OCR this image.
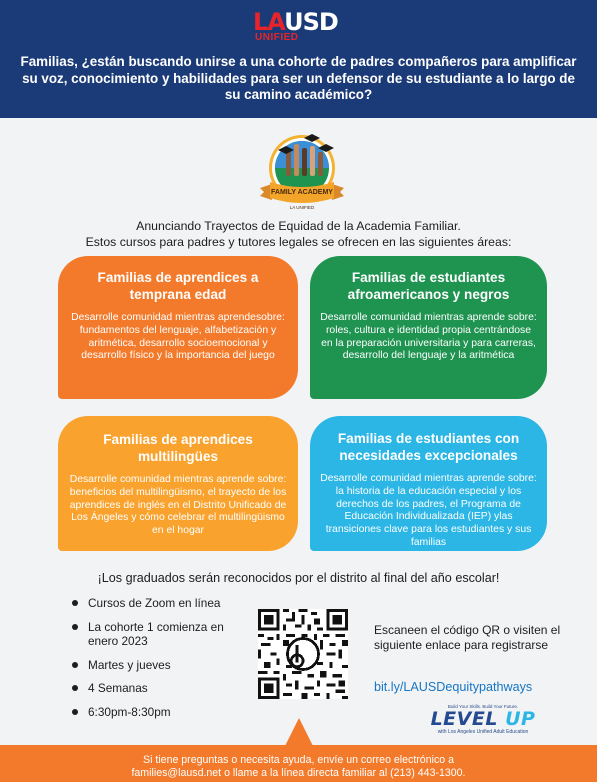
LAUSD
UNIFIED
Familias, ¿están buscando unirse a una cohorte de padres compañeros para amplificar su voz, conocimiento y habilidades para ser un defensor de su estudiante a lo largo de su camino académico?
FAMILY ACADEMY
LA UNIFIED
Anunciando Trayectos de Equidad de la Academia Familiar.
Estos cursos para padres y tutores legales se ofrecen en las siguientes áreas:
Familias de aprendices a temprana edad
Desarrolle comunidad mientras aprendesobre: fundamentos del lenguaje, alfabetización y aritmética, desarrollo socioemocional y desarrollo físico y la importancia del juego
Familias de estudiantes afroamericanos y negros
Desarrolle comunidad mientras aprende sobre: roles, cultura e identidad propia centrándose en la preparación universitaria y para carreras, desarrollo del lenguaje y la aritmética
Familias de aprendices multilingües
Desarrolle comunidad mientras aprende sobre: beneficios del multilingüismo, el trayecto de los aprendices de inglés en el Distrito Unificado de Los Ángeles y cómo celebrar el multilingüismo en el hogar
Familias de estudiantes con necesidades excepcionales
Desarrolle comunidad mientras aprende sobre: la historia de la educación especial y los derechos de los padres, el Programa de Educación Individualizada (IEP) ylas transiciones clave para los estudiantes y sus familias
¡Los graduados serán reconocidos por el distrito al final del año escolar!
Cursos de Zoom en línea
La cohorte 1 comienza en enero 2023
Martes y jueves
4 Semanas
6:30pm-8:30pm
Escaneen el código QR o visiten el siguiente enlace para registrarse
bit.ly/LAUSDequitypathways
Build Your Skills. Build Your Future.
LEVEL UP
with Los Angeles Unified Adult Education
Si tiene preguntas o necesita ayuda, envíe un correo electrónico a
families@lausd.net o llame a la línea directa familiar al (213) 443-1300.
